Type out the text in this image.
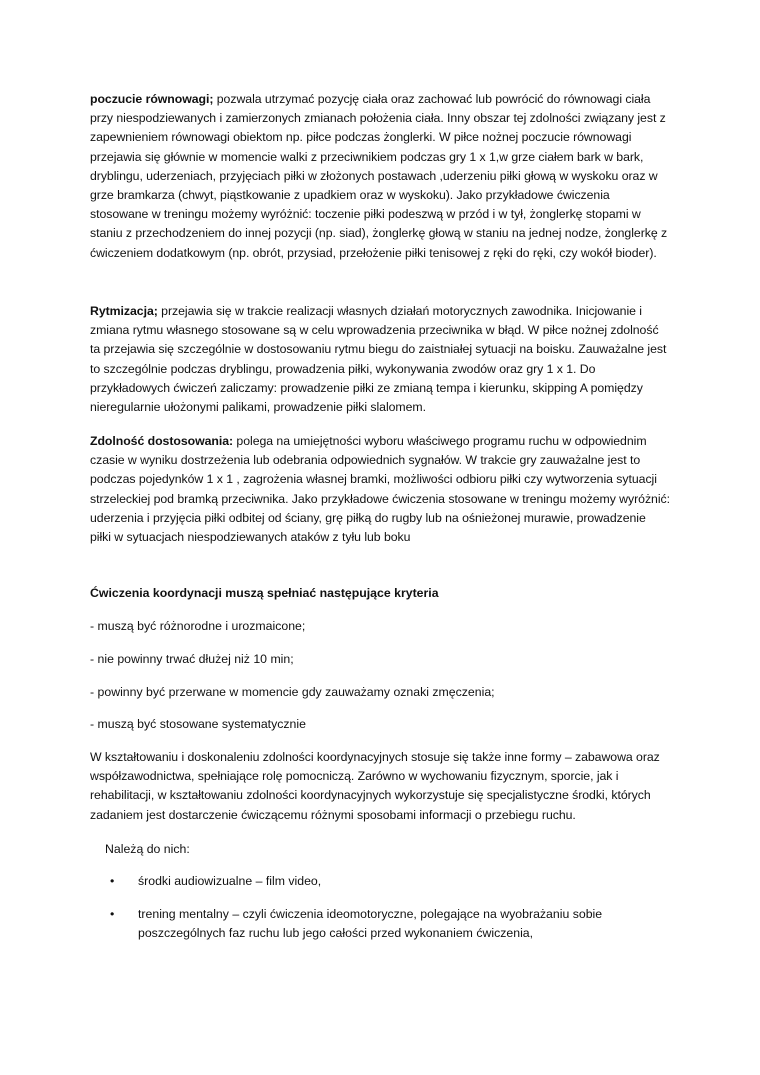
poczucie równowagi; pozwala utrzymać pozycję ciała oraz zachować lub powrócić do równowagi ciała przy niespodziewanych i zamierzonych zmianach położenia ciała. Inny obszar tej zdolności związany jest z zapewnieniem równowagi obiektom np. piłce podczas żonglerki. W piłce nożnej poczucie równowagi przejawia się głównie w momencie walki z przeciwnikiem podczas gry 1 x 1,w grze ciałem bark w bark, dryblingu, uderzeniach, przyjęciach piłki w złożonych postawach ,uderzeniu piłki głową w wyskoku oraz w grze bramkarza (chwyt, piąstkowanie z upadkiem oraz w wyskoku). Jako przykładowe ćwiczenia stosowane w treningu możemy wyróżnić: toczenie piłki podeszwą w przód i w tył, żonglerkę stopami w staniu z przechodzeniem do innej pozycji (np. siad), żonglerkę głową w staniu na jednej nodze, żonglerkę z ćwiczeniem dodatkowym (np. obrót, przysiad, przełożenie piłki tenisowej z ręki do ręki, czy wokół bioder).

Rytmizacja; przejawia się w trakcie realizacji własnych działań motorycznych zawodnika. Inicjowanie i zmiana rytmu własnego stosowane są w celu wprowadzenia przeciwnika w błąd. W piłce nożnej zdolność ta przejawia się szczególnie w dostosowaniu rytmu biegu do zaistniałej sytuacji na boisku. Zauważalne jest to szczególnie podczas dryblingu, prowadzenia piłki, wykonywania zwodów oraz gry 1 x 1. Do przykładowych ćwiczeń zaliczamy: prowadzenie piłki ze zmianą tempa i kierunku, skipping A pomiędzy nieregularnie ułożonymi palikami, prowadzenie piłki slalomem.

Zdolność dostosowania: polega na umiejętności wyboru właściwego programu ruchu w odpowiednim czasie w wyniku dostrzeżenia lub odebrania odpowiednich sygnałów. W trakcie gry zauważalne jest to podczas pojedynków 1 x 1 , zagrożenia własnej bramki, możliwości odbioru piłki czy wytworzenia sytuacji strzeleckiej pod bramką przeciwnika. Jako przykładowe ćwiczenia stosowane w treningu możemy wyróżnić: uderzenia i przyjęcia piłki odbitej od ściany, grę piłką do rugby lub na ośnieżonej murawie, prowadzenie piłki w sytuacjach niespodziewanych ataków z tyłu lub boku

Ćwiczenia koordynacji muszą spełniać następujące kryteria

- muszą być różnorodne i urozmaicone;

- nie powinny trwać dłużej niż 10 min;

- powinny być przerwane w momencie gdy zauważamy oznaki zmęczenia;

- muszą być stosowane systematycznie

W kształtowaniu i doskonaleniu zdolności koordynacyjnych stosuje się także inne formy – zabawowa oraz współzawodnictwa, spełniające rolę pomocniczą. Zarówno w wychowaniu fizycznym, sporcie, jak i rehabilitacji, w kształtowaniu zdolności koordynacyjnych wykorzystuje się specjalistyczne środki, których zadaniem jest dostarczenie ćwiczącemu różnymi sposobami informacji o przebiegu ruchu.

Należą do nich:

•	środki audiowizualne – film video,
•	trening mentalny – czyli ćwiczenia ideomotoryczne, polegające na wyobrażaniu sobie poszczególnych faz ruchu lub jego całości przed wykonaniem ćwiczenia,
